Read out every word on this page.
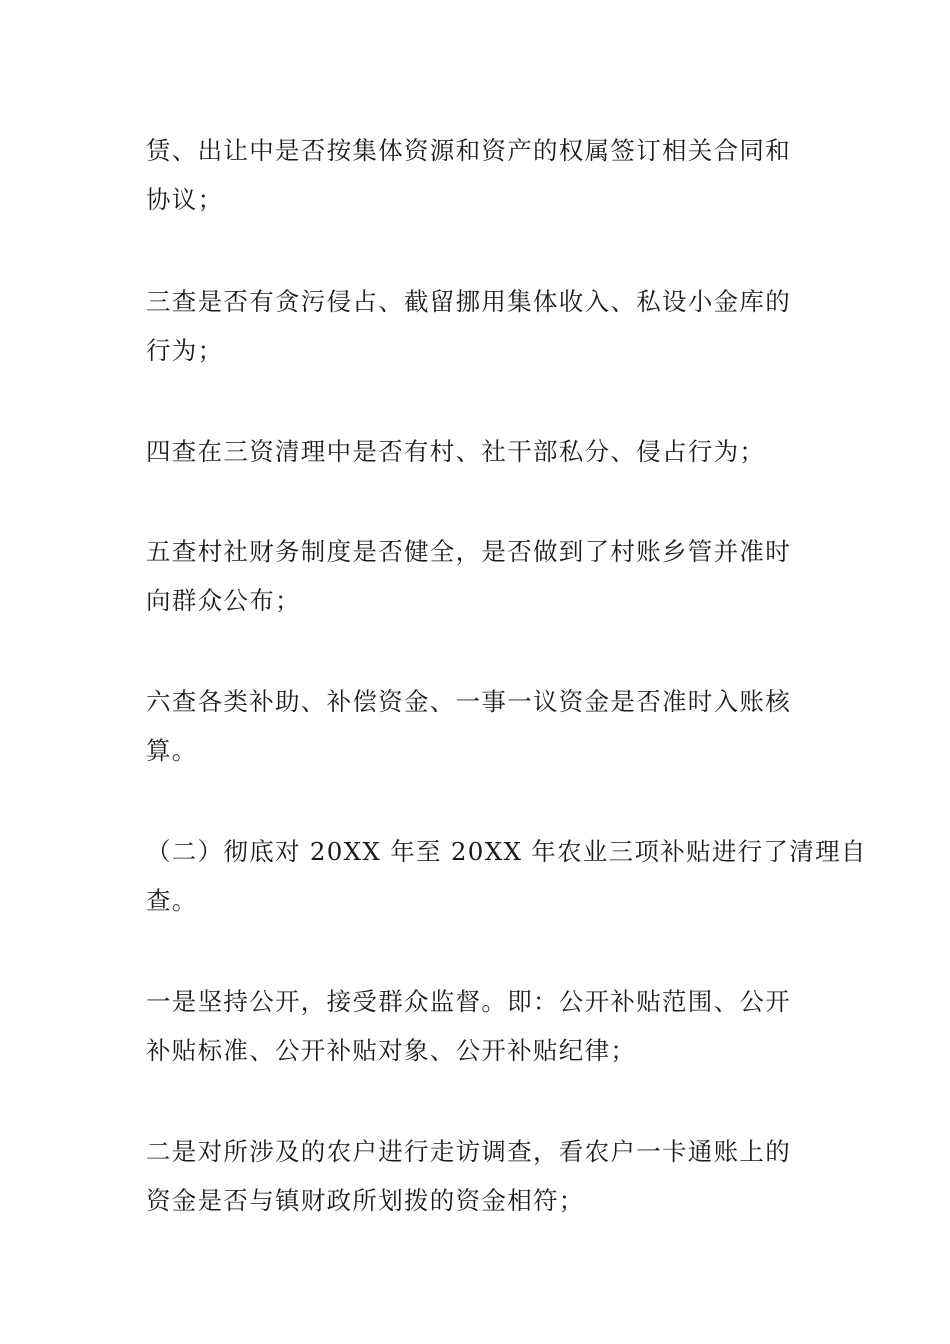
赁、出让中是否按集体资源和资产的权属签订相关合同和
协议；

三查是否有贪污侵占、截留挪用集体收入、私设小金库的
行为；

四查在三资清理中是否有村、社干部私分、侵占行为；

五查村社财务制度是否健全，是否做到了村账乡管并准时
向群众公布；

六查各类补助、补偿资金、一事一议资金是否准时入账核
算。

（二）彻底对 20XX 年至 20XX 年农业三项补贴进行了清理自
查。

一是坚持公开，接受群众监督。即：公开补贴范围、公开
补贴标准、公开补贴对象、公开补贴纪律；

二是对所涉及的农户进行走访调查，看农户一卡通账上的
资金是否与镇财政所划拨的资金相符；
